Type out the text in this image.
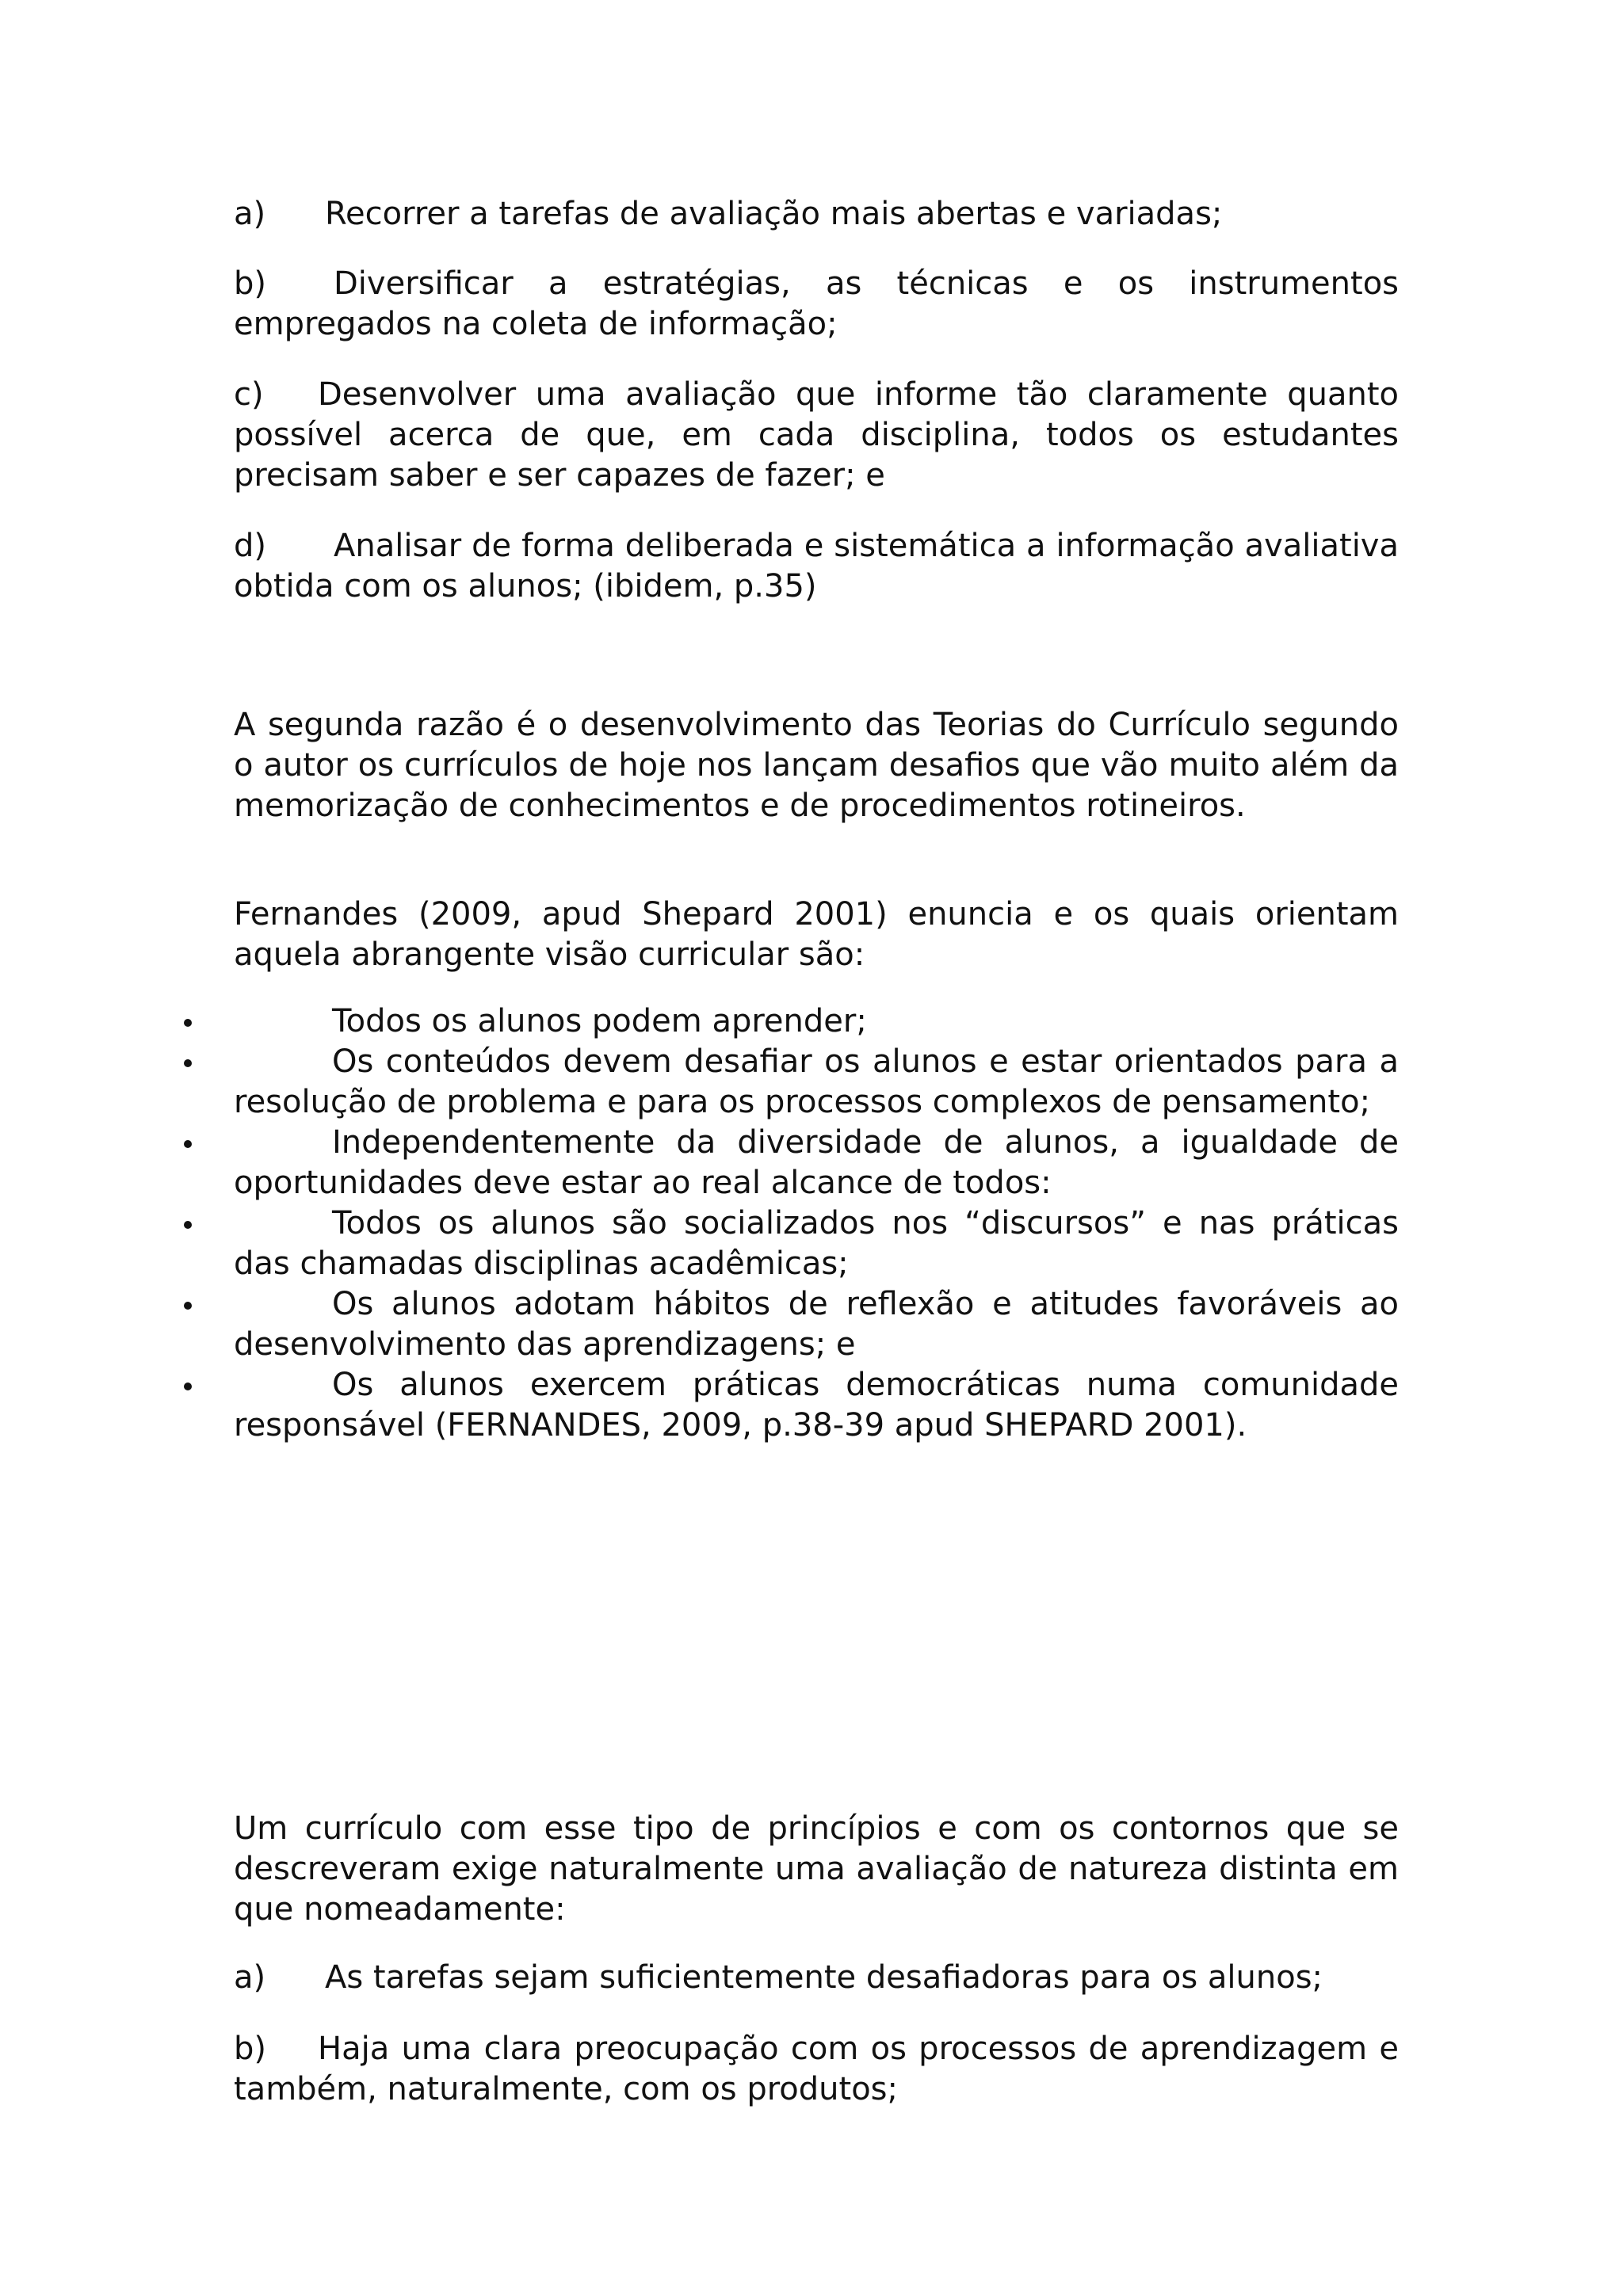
a) Recorrer a tarefas de avaliação mais abertas e variadas;

b) Diversificar a estratégias, as técnicas e os instrumentos empregados na coleta de informação;

c) Desenvolver uma avaliação que informe tão claramente quanto possível acerca de que, em cada disciplina, todos os estudantes precisam saber e ser capazes de fazer; e

d) Analisar de forma deliberada e sistemática a informação avaliativa obtida com os alunos; (ibidem, p.35)

A segunda razão é o desenvolvimento das Teorias do Currículo segundo o autor os currículos de hoje nos lançam desafios que vão muito além da memorização de conhecimentos e de procedimentos rotineiros.

Fernandes (2009, apud Shepard 2001) enuncia e os quais orientam aquela abrangente visão curricular são:

Todos os alunos podem aprender;
Os conteúdos devem desafiar os alunos e estar orientados para a resolução de problema e para os processos complexos de pensamento;
Independentemente da diversidade de alunos, a igualdade de oportunidades deve estar ao real alcance de todos:
Todos os alunos são socializados nos “discursos” e nas práticas das chamadas disciplinas acadêmicas;
Os alunos adotam hábitos de reflexão e atitudes favoráveis ao desenvolvimento das aprendizagens; e
Os alunos exercem práticas democráticas numa comunidade responsável (FERNANDES, 2009, p.38-39 apud SHEPARD 2001).

Um currículo com esse tipo de princípios e com os contornos que se descreveram exige naturalmente uma avaliação de natureza distinta em que nomeadamente:

a) As tarefas sejam suficientemente desafiadoras para os alunos;

b) Haja uma clara preocupação com os processos de aprendizagem e também, naturalmente, com os produtos;
